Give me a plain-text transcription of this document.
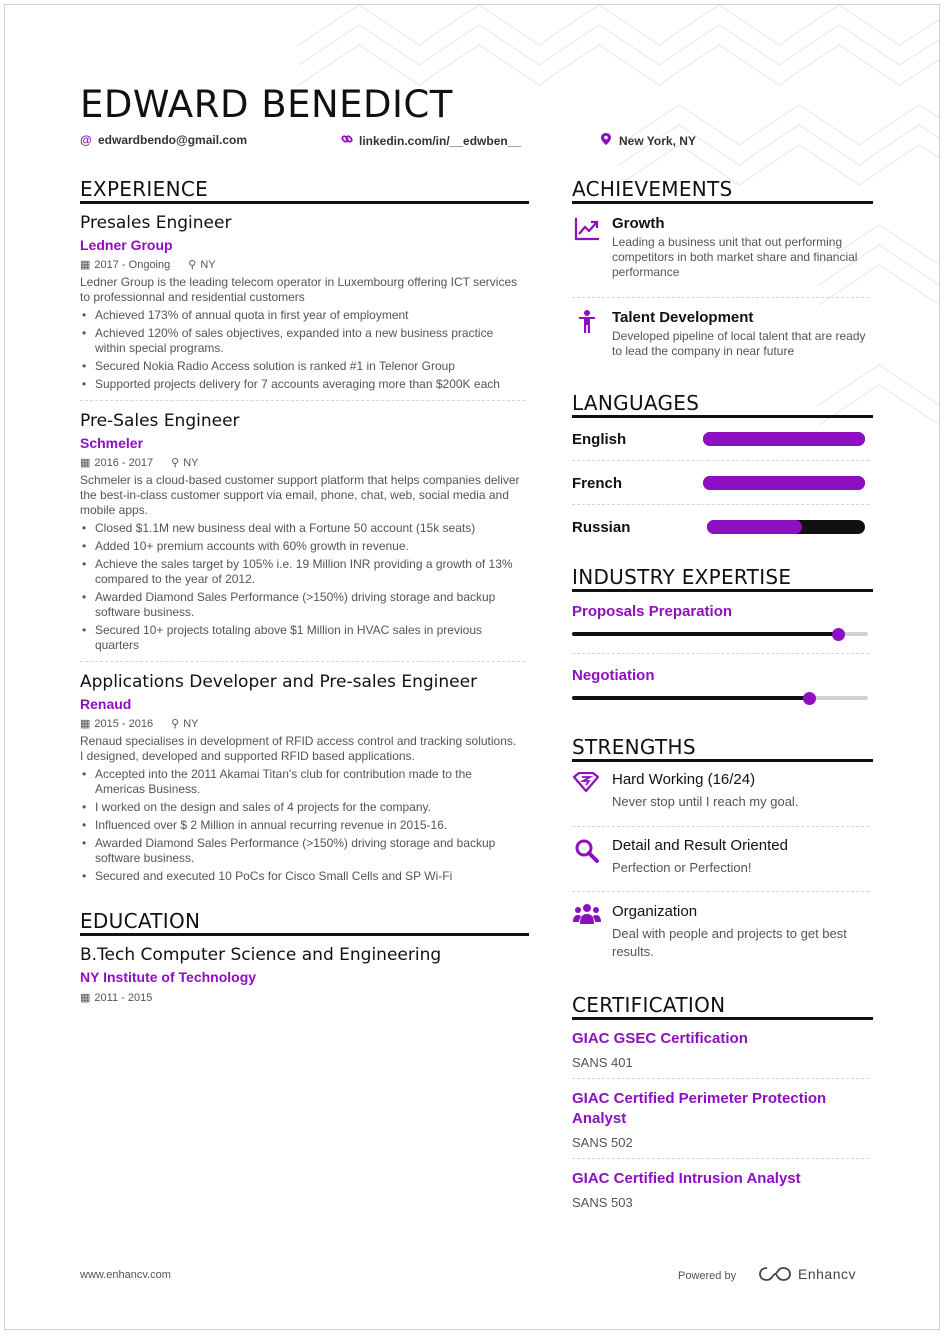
EDWARD BENEDICT
@ edwardbendo@gmail.com	linkedin.com/in/__edwben__	New York, NY
EXPERIENCE
Presales Engineer
Ledner Group
▦ 2017 - Ongoing ⚲ NY
Ledner Group is the leading telecom operator in Luxembourg offering ICT services to professionnal and residential customers
• Achieved 173% of annual quota in first year of employment
• Achieved 120% of sales objectives, expanded into a new business practice within special programs.
• Secured Nokia Radio Access solution is ranked #1 in Telenor Group
• Supported projects delivery for 7 accounts averaging more than $200K each
Pre-Sales Engineer
Schmeler
▦ 2016 - 2017 ⚲ NY
Schmeler is a cloud-based customer support platform that helps companies deliver the best-in-class customer support via email, phone, chat, web, social media and mobile apps.
• Closed $1.1M new business deal with a Fortune 50 account (15k seats)
• Added 10+ premium accounts with 60% growth in revenue.
• Achieve the sales target by 105% i.e. 19 Million INR providing a growth of 13% compared to the year of 2012.
• Awarded Diamond Sales Performance (>150%) driving storage and backup software business.
• Secured 10+ projects totaling above $1 Million in HVAC sales in previous quarters
Applications Developer and Pre-sales Engineer
Renaud
▦ 2015 - 2016 ⚲ NY
Renaud specialises in development of RFID access control and tracking solutions. I designed, developed and supported RFID based applications.
• Accepted into the 2011 Akamai Titan's club for contribution made to the Americas Business.
• I worked on the design and sales of 4 projects for the company.
• Influenced over $ 2 Million in annual recurring revenue in 2015-16.
• Awarded Diamond Sales Performance (>150%) driving storage and backup software business.
• Secured and executed 10 PoCs for Cisco Small Cells and SP Wi-Fi
EDUCATION
B.Tech Computer Science and Engineering
NY Institute of Technology
▦ 2011 - 2015
ACHIEVEMENTS
Growth
Leading a business unit that out performing competitors in both market share and financial performance
Talent Development
Developed pipeline of local talent that are ready to lead the company in near future
LANGUAGES
English
French
Russian
INDUSTRY EXPERTISE
Proposals Preparation
Negotiation
STRENGTHS
Hard Working (16/24)
Never stop until I reach my goal.
Detail and Result Oriented
Perfection or Perfection!
Organization
Deal with people and projects to get best results.
CERTIFICATION
GIAC GSEC Certification
SANS 401
GIAC Certified Perimeter Protection Analyst
SANS 502
GIAC Certified Intrusion Analyst
SANS 503
www.enhancv.com	Powered by	Enhancv
